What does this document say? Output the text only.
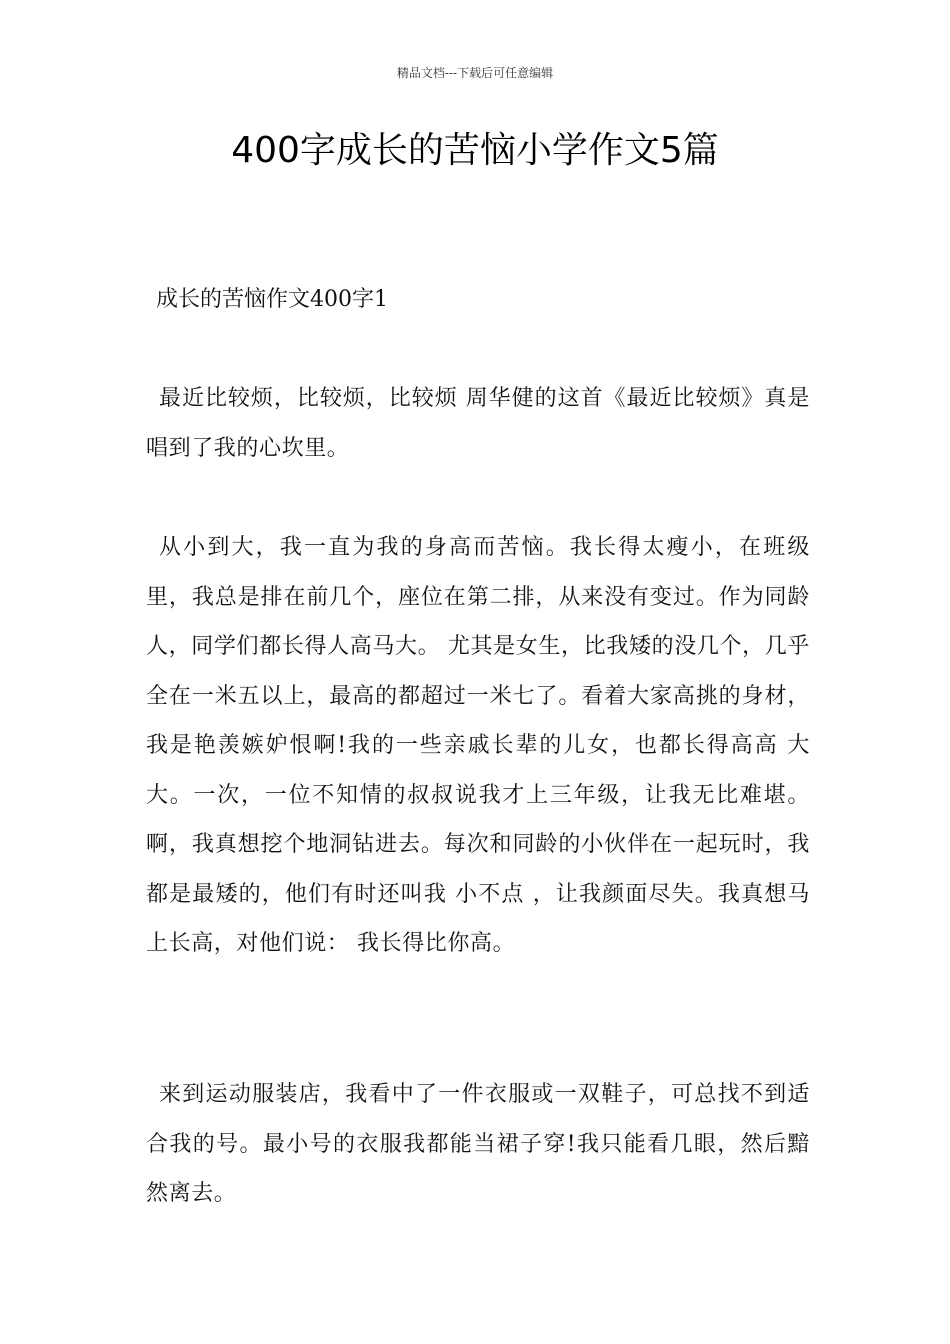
精品文档---下载后可任意编辑
400字成长的苦恼小学作文5篇

成长的苦恼作文400字1

最近比较烦，比较烦，比较烦 周华健的这首《最近比较烦》真是唱到了我的心坎里。

从小到大，我一直为我的身高而苦恼。我长得太瘦小，在班级里，我总是排在前几个，座位在第二排，从来没有变过。作为同龄人，同学们都长得人高马大。 尤其是女生，比我矮的没几个，几乎全在一米五以上，最高的都超过一米七了。看着大家高挑的身材，我是艳羡嫉妒恨啊!我的一些亲戚长辈的儿女，也都长得高高 大大。一次，一位不知情的叔叔说我才上三年级，让我无比难堪。啊，我真想挖个地洞钻进去。每次和同龄的小伙伴在一起玩时，我都是最矮的，他们有时还叫我 小不点 ，让我颜面尽失。我真想马上长高，对他们说： 我长得比你高。

来到运动服装店，我看中了一件衣服或一双鞋子，可总找不到适合我的号。最小号的衣服我都能当裙子穿!我只能看几眼，然后黯然离去。
